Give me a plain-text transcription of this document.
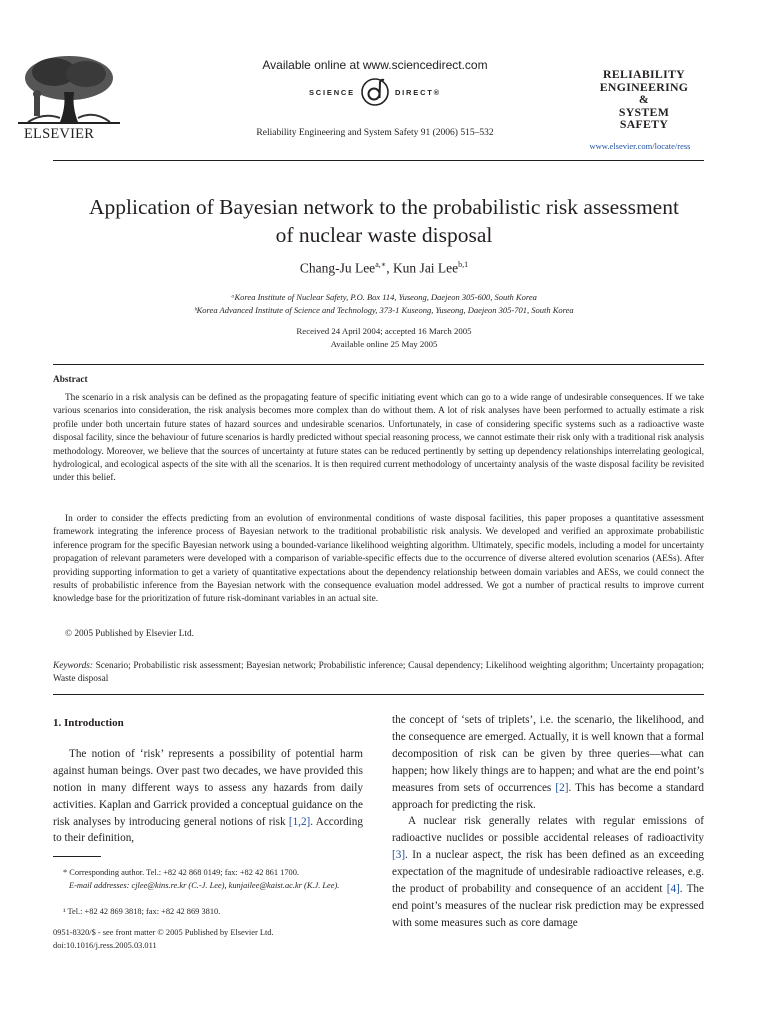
ELSEVIER
Available online at www.sciencedirect.com
SCIENCE	DIRECT®
Reliability Engineering and System Safety 91 (2006) 515–532
RELIABILITY
ENGINEERING
&
SYSTEM
SAFETY
www.elsevier.com/locate/ress
Application of Bayesian network to the probabilistic risk assessment
of nuclear waste disposal
Chang-Ju Lee$^{a,∗}$, Kun Jai Lee$^{b,1}$
ᵃKorea Institute of Nuclear Safety, P.O. Box 114, Yuseong, Daejeon 305-600, South Korea
ᵇKorea Advanced Institute of Science and Technology, 373-1 Kuseong, Yuseong, Daejeon 305-701, South Korea
Received 24 April 2004; accepted 16 March 2005
Available online 25 May 2005
Abstract
The scenario in a risk analysis can be defined as the propagating feature of specific initiating event which can go to a wide range of undesirable consequences. If we take various scenarios into consideration, the risk analysis becomes more complex than do without them. A lot of risk analyses have been performed to actually estimate a risk profile under both uncertain future states of hazard sources and undesirable scenarios. Unfortunately, in case of considering specific systems such as a radioactive waste disposal facility, since the behaviour of future scenarios is hardly predicted without special reasoning process, we cannot estimate their risk only with a traditional risk analysis methodology. Moreover, we believe that the sources of uncertainty at future states can be reduced pertinently by setting up dependency relationships interrelating geological, hydrological, and ecological aspects of the site with all the scenarios. It is then required current methodology of uncertainty analysis of the waste disposal facility be revisited under this belief.
In order to consider the effects predicting from an evolution of environmental conditions of waste disposal facilities, this paper proposes a quantitative assessment framework integrating the inference process of Bayesian network to the traditional probabilistic risk analysis. We developed and verified an approximate probabilistic inference program for the specific Bayesian network using a bounded-variance likelihood weighting algorithm. Ultimately, specific models, including a model for uncertainty propagation of relevant parameters were developed with a comparison of variable-specific effects due to the occurrence of diverse altered evolution scenarios (AESs). After providing supporting information to get a variety of quantitative expectations about the dependency relationship between domain variables and AESs, we could connect the results of probabilistic inference from the Bayesian network with the consequence evaluation model addressed. We got a number of practical results to improve current knowledge base for the prioritization of future risk-dominant variables in an actual site.
© 2005 Published by Elsevier Ltd.
Keywords: Scenario; Probabilistic risk assessment; Bayesian network; Probabilistic inference; Causal dependency; Likelihood weighting algorithm; Uncertainty propagation; Waste disposal
1. Introduction
The notion of ‘risk’ represents a possibility of potential harm against human beings. Over past two decades, we have provided this notion in many different ways to assess any hazards from daily activities. Kaplan and Garrick provided a conceptual guidance on the risk analyses by introducing general notions of risk [1,2]. According to their definition,
* Corresponding author. Tel.: +82 42 868 0149; fax: +82 42 861 1700.
E-mail addresses: cjlee@kins.re.kr (C.-J. Lee), kunjailee@kaist.ac.kr (K.J. Lee).
¹ Tel.: +82 42 869 3818; fax: +82 42 869 3810.
0951-8320/$ - see front matter © 2005 Published by Elsevier Ltd.
doi:10.1016/j.ress.2005.03.011
the concept of ‘sets of triplets’, i.e. the scenario, the likelihood, and the consequence are emerged. Actually, it is well known that a formal decomposition of risk can be given by three queries—what can happen; how likely things are to happen; and what are the end point’s measures from sets of occurrences [2]. This has become a standard approach for predicting the risk.
A nuclear risk generally relates with regular emissions of radioactive nuclides or possible accidental releases of radioactivity [3]. In a nuclear aspect, the risk has been defined as an exceeding expectation of the magnitude of undesirable radioactive releases, e.g. the product of probability and consequence of an accident [4]. The end point’s measures of the nuclear risk prediction may be expressed with some measures such as core damage
